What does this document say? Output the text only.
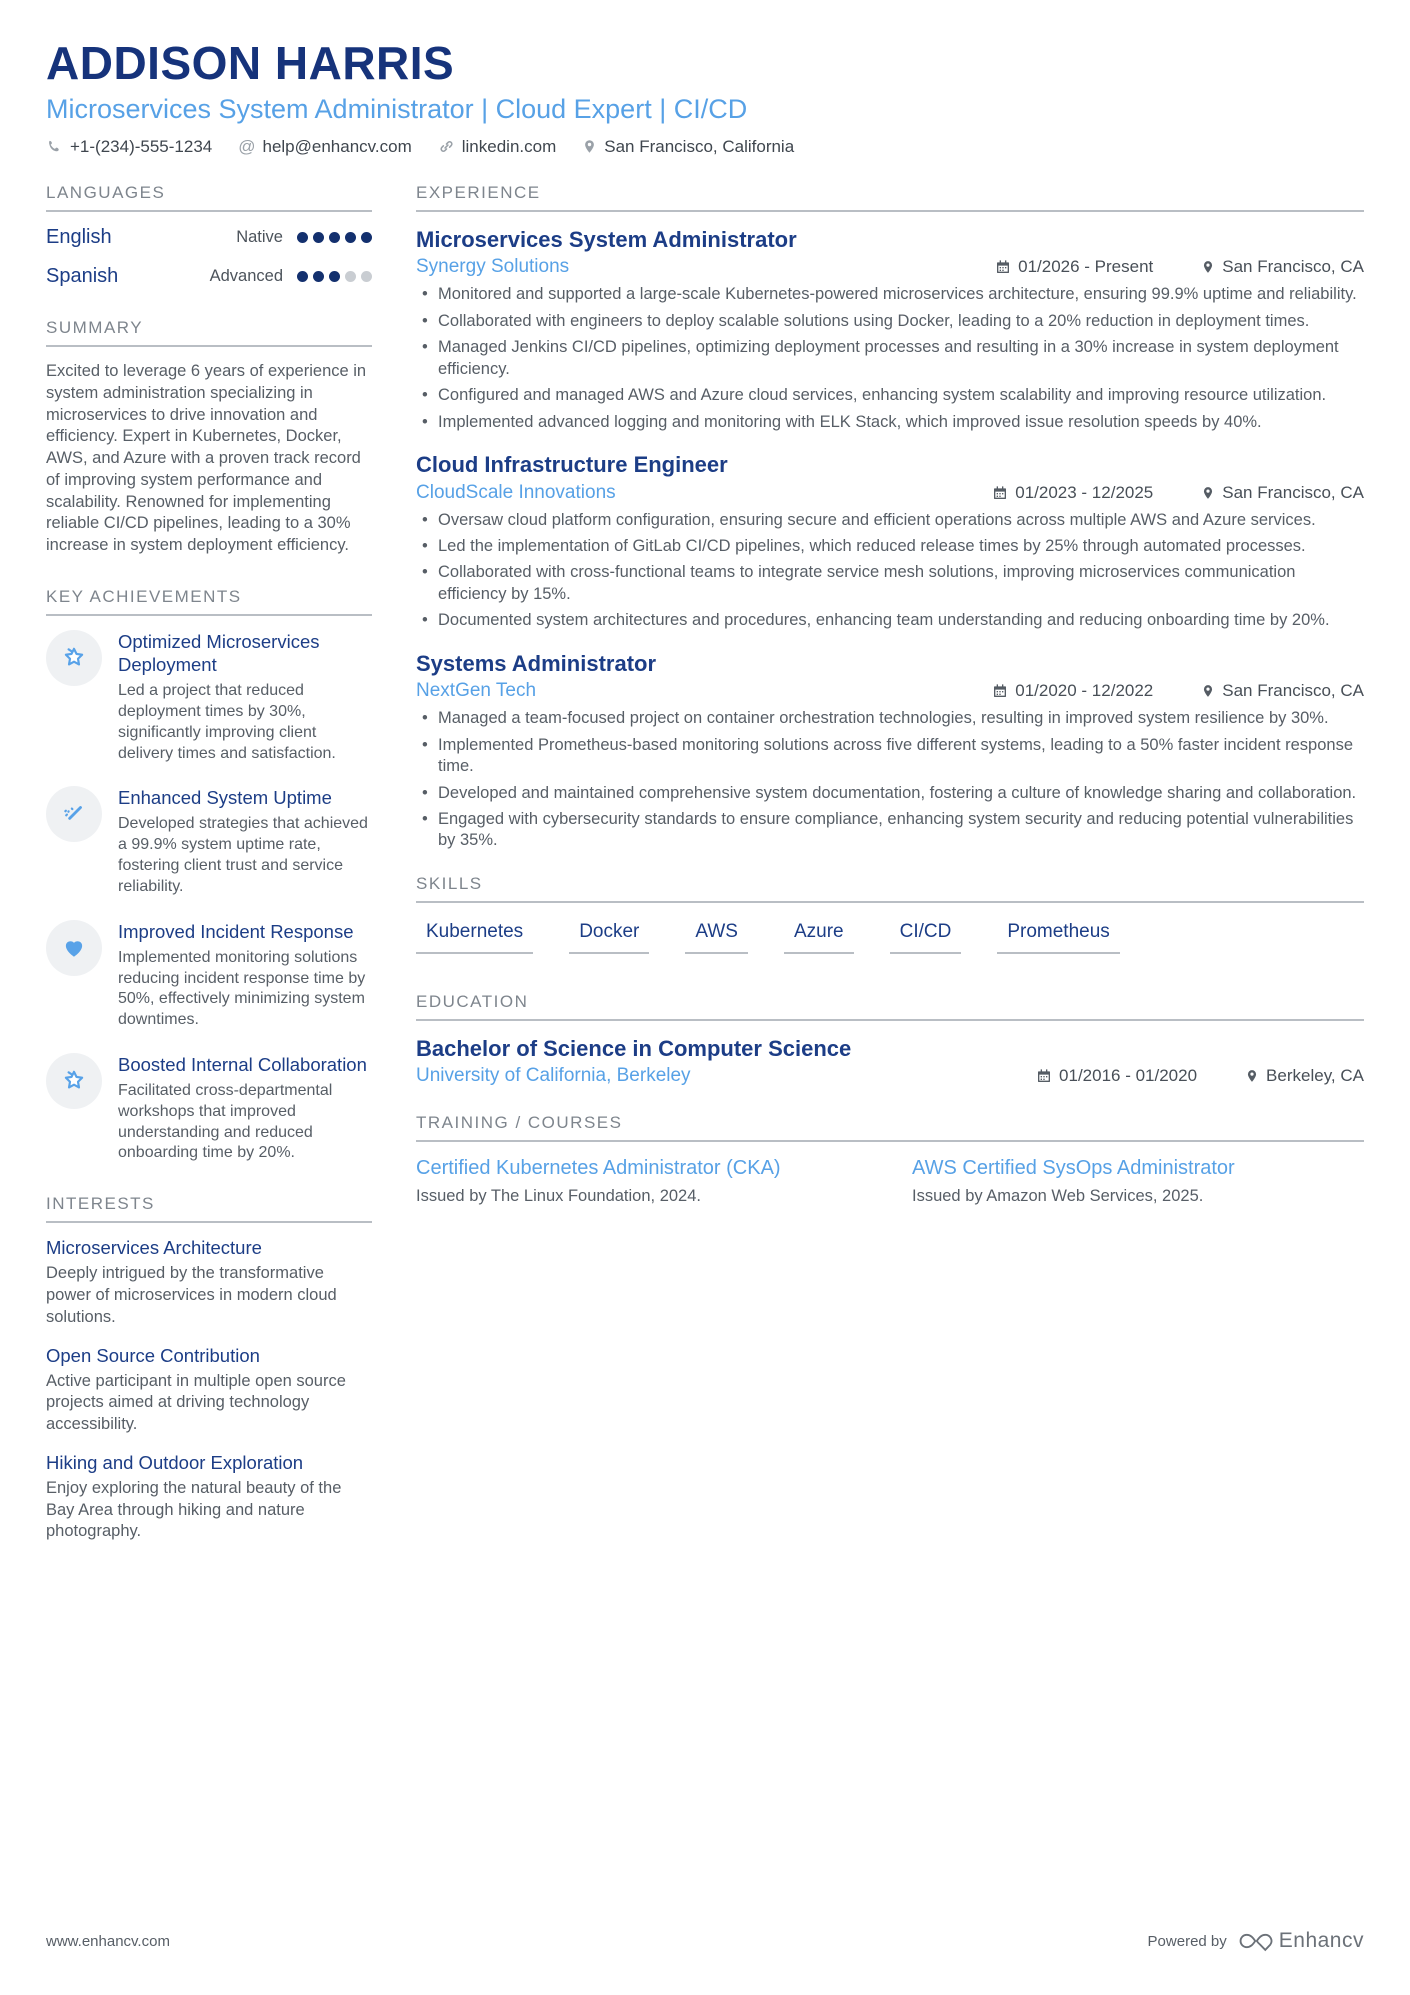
ADDISON HARRIS
Microservices System Administrator | Cloud Expert | CI/CD
+1-(234)-555-1234 @ help@enhancv.com	linkedin.com	San Francisco, California
LANGUAGES
English	Native
Spanish	Advanced
SUMMARY
Excited to leverage 6 years of experience in system administration specializing in microservices to drive innovation and efficiency. Expert in Kubernetes, Docker, AWS, and Azure with a proven track record of improving system performance and scalability. Renowned for implementing reliable CI/CD pipelines, leading to a 30% increase in system deployment efficiency.
KEY ACHIEVEMENTS
Optimized Microservices Deployment
Led a project that reduced deployment times by 30%, significantly improving client delivery times and satisfaction.
Enhanced System Uptime
Developed strategies that achieved a 99.9% system uptime rate, fostering client trust and service reliability.
Improved Incident Response
Implemented monitoring solutions reducing incident response time by 50%, effectively minimizing system downtimes.
Boosted Internal Collaboration
Facilitated cross-departmental workshops that improved understanding and reduced onboarding time by 20%.
INTERESTS
Microservices Architecture
Deeply intrigued by the transformative power of microservices in modern cloud solutions.
Open Source Contribution
Active participant in multiple open source projects aimed at driving technology accessibility.
Hiking and Outdoor Exploration
Enjoy exploring the natural beauty of the Bay Area through hiking and nature photography.
EXPERIENCE
Microservices System Administrator
Synergy Solutions	01/2026 - Present	San Francisco, CA
• Monitored and supported a large-scale Kubernetes-powered microservices architecture, ensuring 99.9% uptime and reliability.
• Collaborated with engineers to deploy scalable solutions using Docker, leading to a 20% reduction in deployment times.
• Managed Jenkins CI/CD pipelines, optimizing deployment processes and resulting in a 30% increase in system deployment efficiency.
• Configured and managed AWS and Azure cloud services, enhancing system scalability and improving resource utilization.
• Implemented advanced logging and monitoring with ELK Stack, which improved issue resolution speeds by 40%.
Cloud Infrastructure Engineer
CloudScale Innovations	01/2023 - 12/2025	San Francisco, CA
• Oversaw cloud platform configuration, ensuring secure and efficient operations across multiple AWS and Azure services.
• Led the implementation of GitLab CI/CD pipelines, which reduced release times by 25% through automated processes.
• Collaborated with cross-functional teams to integrate service mesh solutions, improving microservices communication efficiency by 15%.
• Documented system architectures and procedures, enhancing team understanding and reducing onboarding time by 20%.
Systems Administrator
NextGen Tech	01/2020 - 12/2022	San Francisco, CA
• Managed a team-focused project on container orchestration technologies, resulting in improved system resilience by 30%.
• Implemented Prometheus-based monitoring solutions across five different systems, leading to a 50% faster incident response time.
• Developed and maintained comprehensive system documentation, fostering a culture of knowledge sharing and collaboration.
• Engaged with cybersecurity standards to ensure compliance, enhancing system security and reducing potential vulnerabilities by 35%.
SKILLS
Kubernetes	Docker	AWS	Azure	CI/CD	Prometheus
EDUCATION
Bachelor of Science in Computer Science
University of California, Berkeley	01/2016 - 01/2020	Berkeley, CA
TRAINING / COURSES
Certified Kubernetes Administrator (CKA)
Issued by The Linux Foundation, 2024.
AWS Certified SysOps Administrator
Issued by Amazon Web Services, 2025.
www.enhancv.com	Powered by Enhancv
